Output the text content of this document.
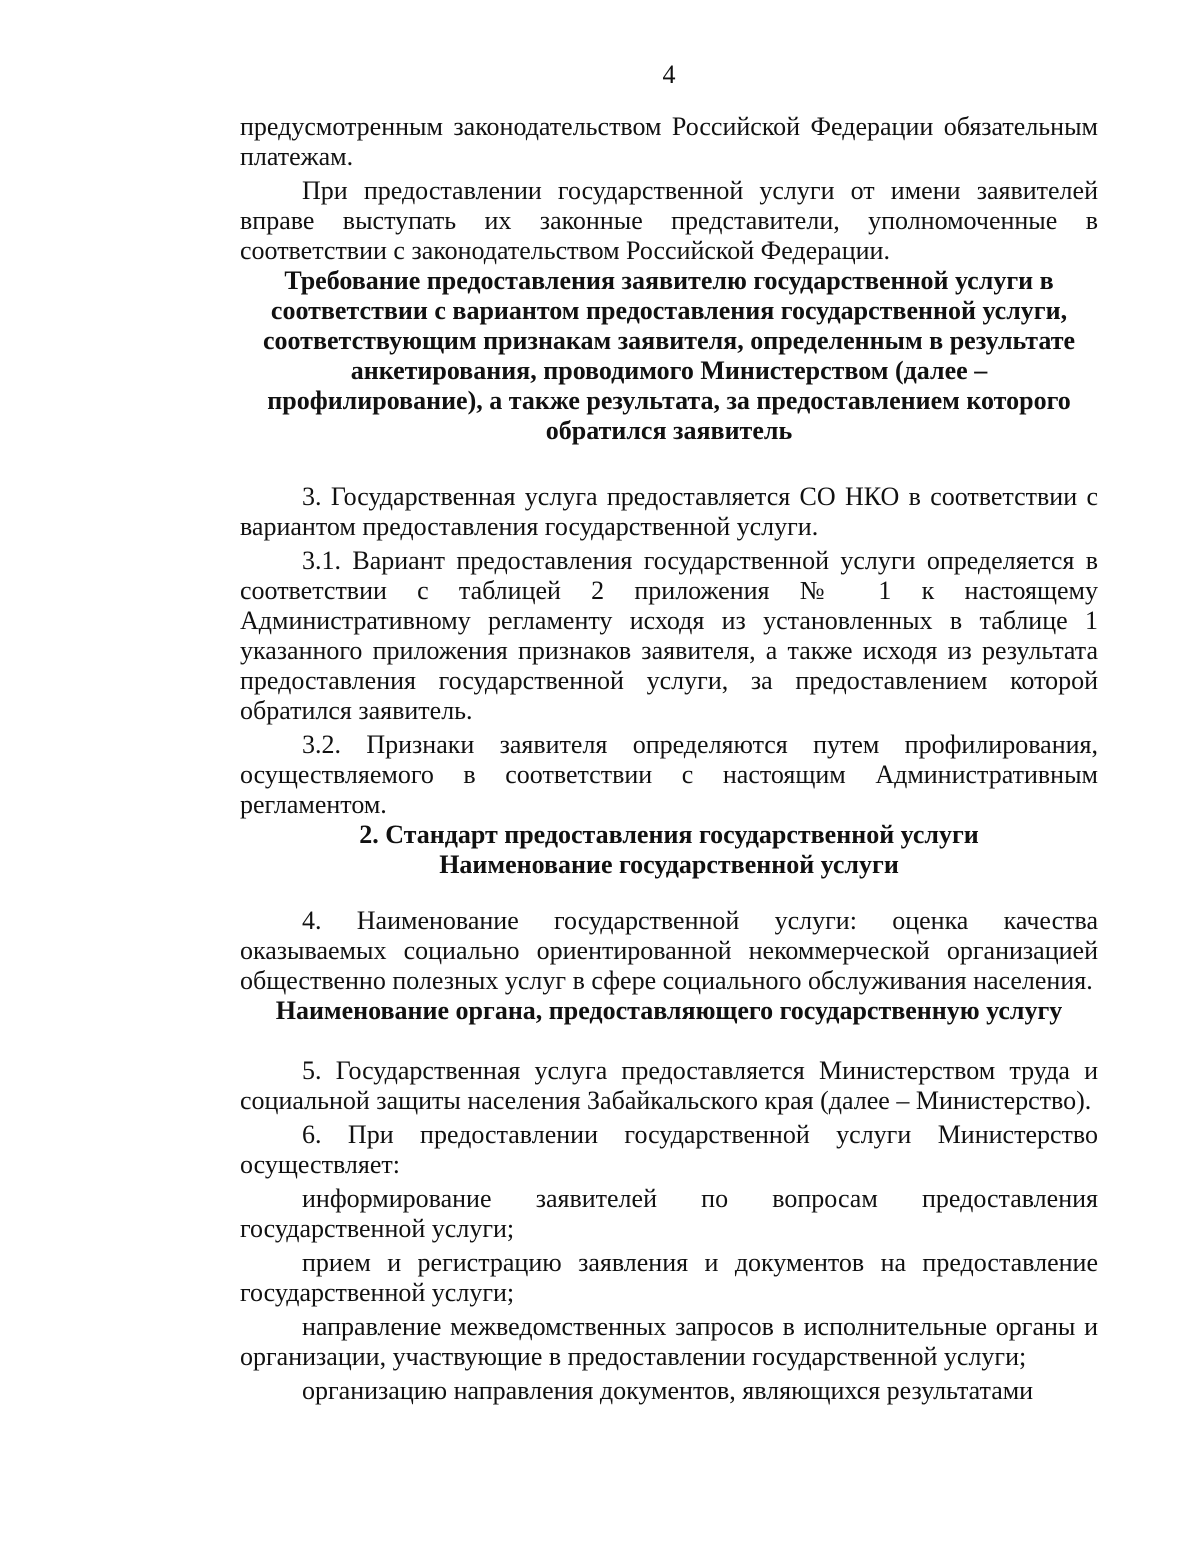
4

предусмотренным законодательством Российской Федерации обязательным платежам.

При предоставлении государственной услуги от имени заявителей вправе выступать их законные представители, уполномоченные в соответствии с законодательством Российской Федерации.

Требование предоставления заявителю государственной услуги в соответствии с вариантом предоставления государственной услуги, соответствующим признакам заявителя, определенным в результате анкетирования, проводимого Министерством (далее – профилирование), а также результата, за предоставлением которого обратился заявитель

3. Государственная услуга предоставляется СО НКО в соответствии с вариантом предоставления государственной услуги.

3.1. Вариант предоставления государственной услуги определяется в соответствии с таблицей 2 приложения № 1 к настоящему Административному регламенту исходя из установленных в таблице 1 указанного приложения признаков заявителя, а также исходя из результата предоставления государственной услуги, за предоставлением которой обратился заявитель.

3.2. Признаки заявителя определяются путем профилирования, осуществляемого в соответствии с настоящим Административным регламентом.

2. Стандарт предоставления государственной услуги
Наименование государственной услуги

4. Наименование государственной услуги: оценка качества оказываемых социально ориентированной некоммерческой организацией общественно полезных услуг в сфере социального обслуживания населения.

Наименование органа, предоставляющего государственную услугу

5. Государственная услуга предоставляется Министерством труда и социальной защиты населения Забайкальского края (далее – Министерство).

6. При предоставлении государственной услуги Министерство осуществляет:

информирование заявителей по вопросам предоставления государственной услуги;

прием и регистрацию заявления и документов на предоставление государственной услуги;

направление межведомственных запросов в исполнительные органы и организации, участвующие в предоставлении государственной услуги;

организацию направления документов, являющихся результатами
